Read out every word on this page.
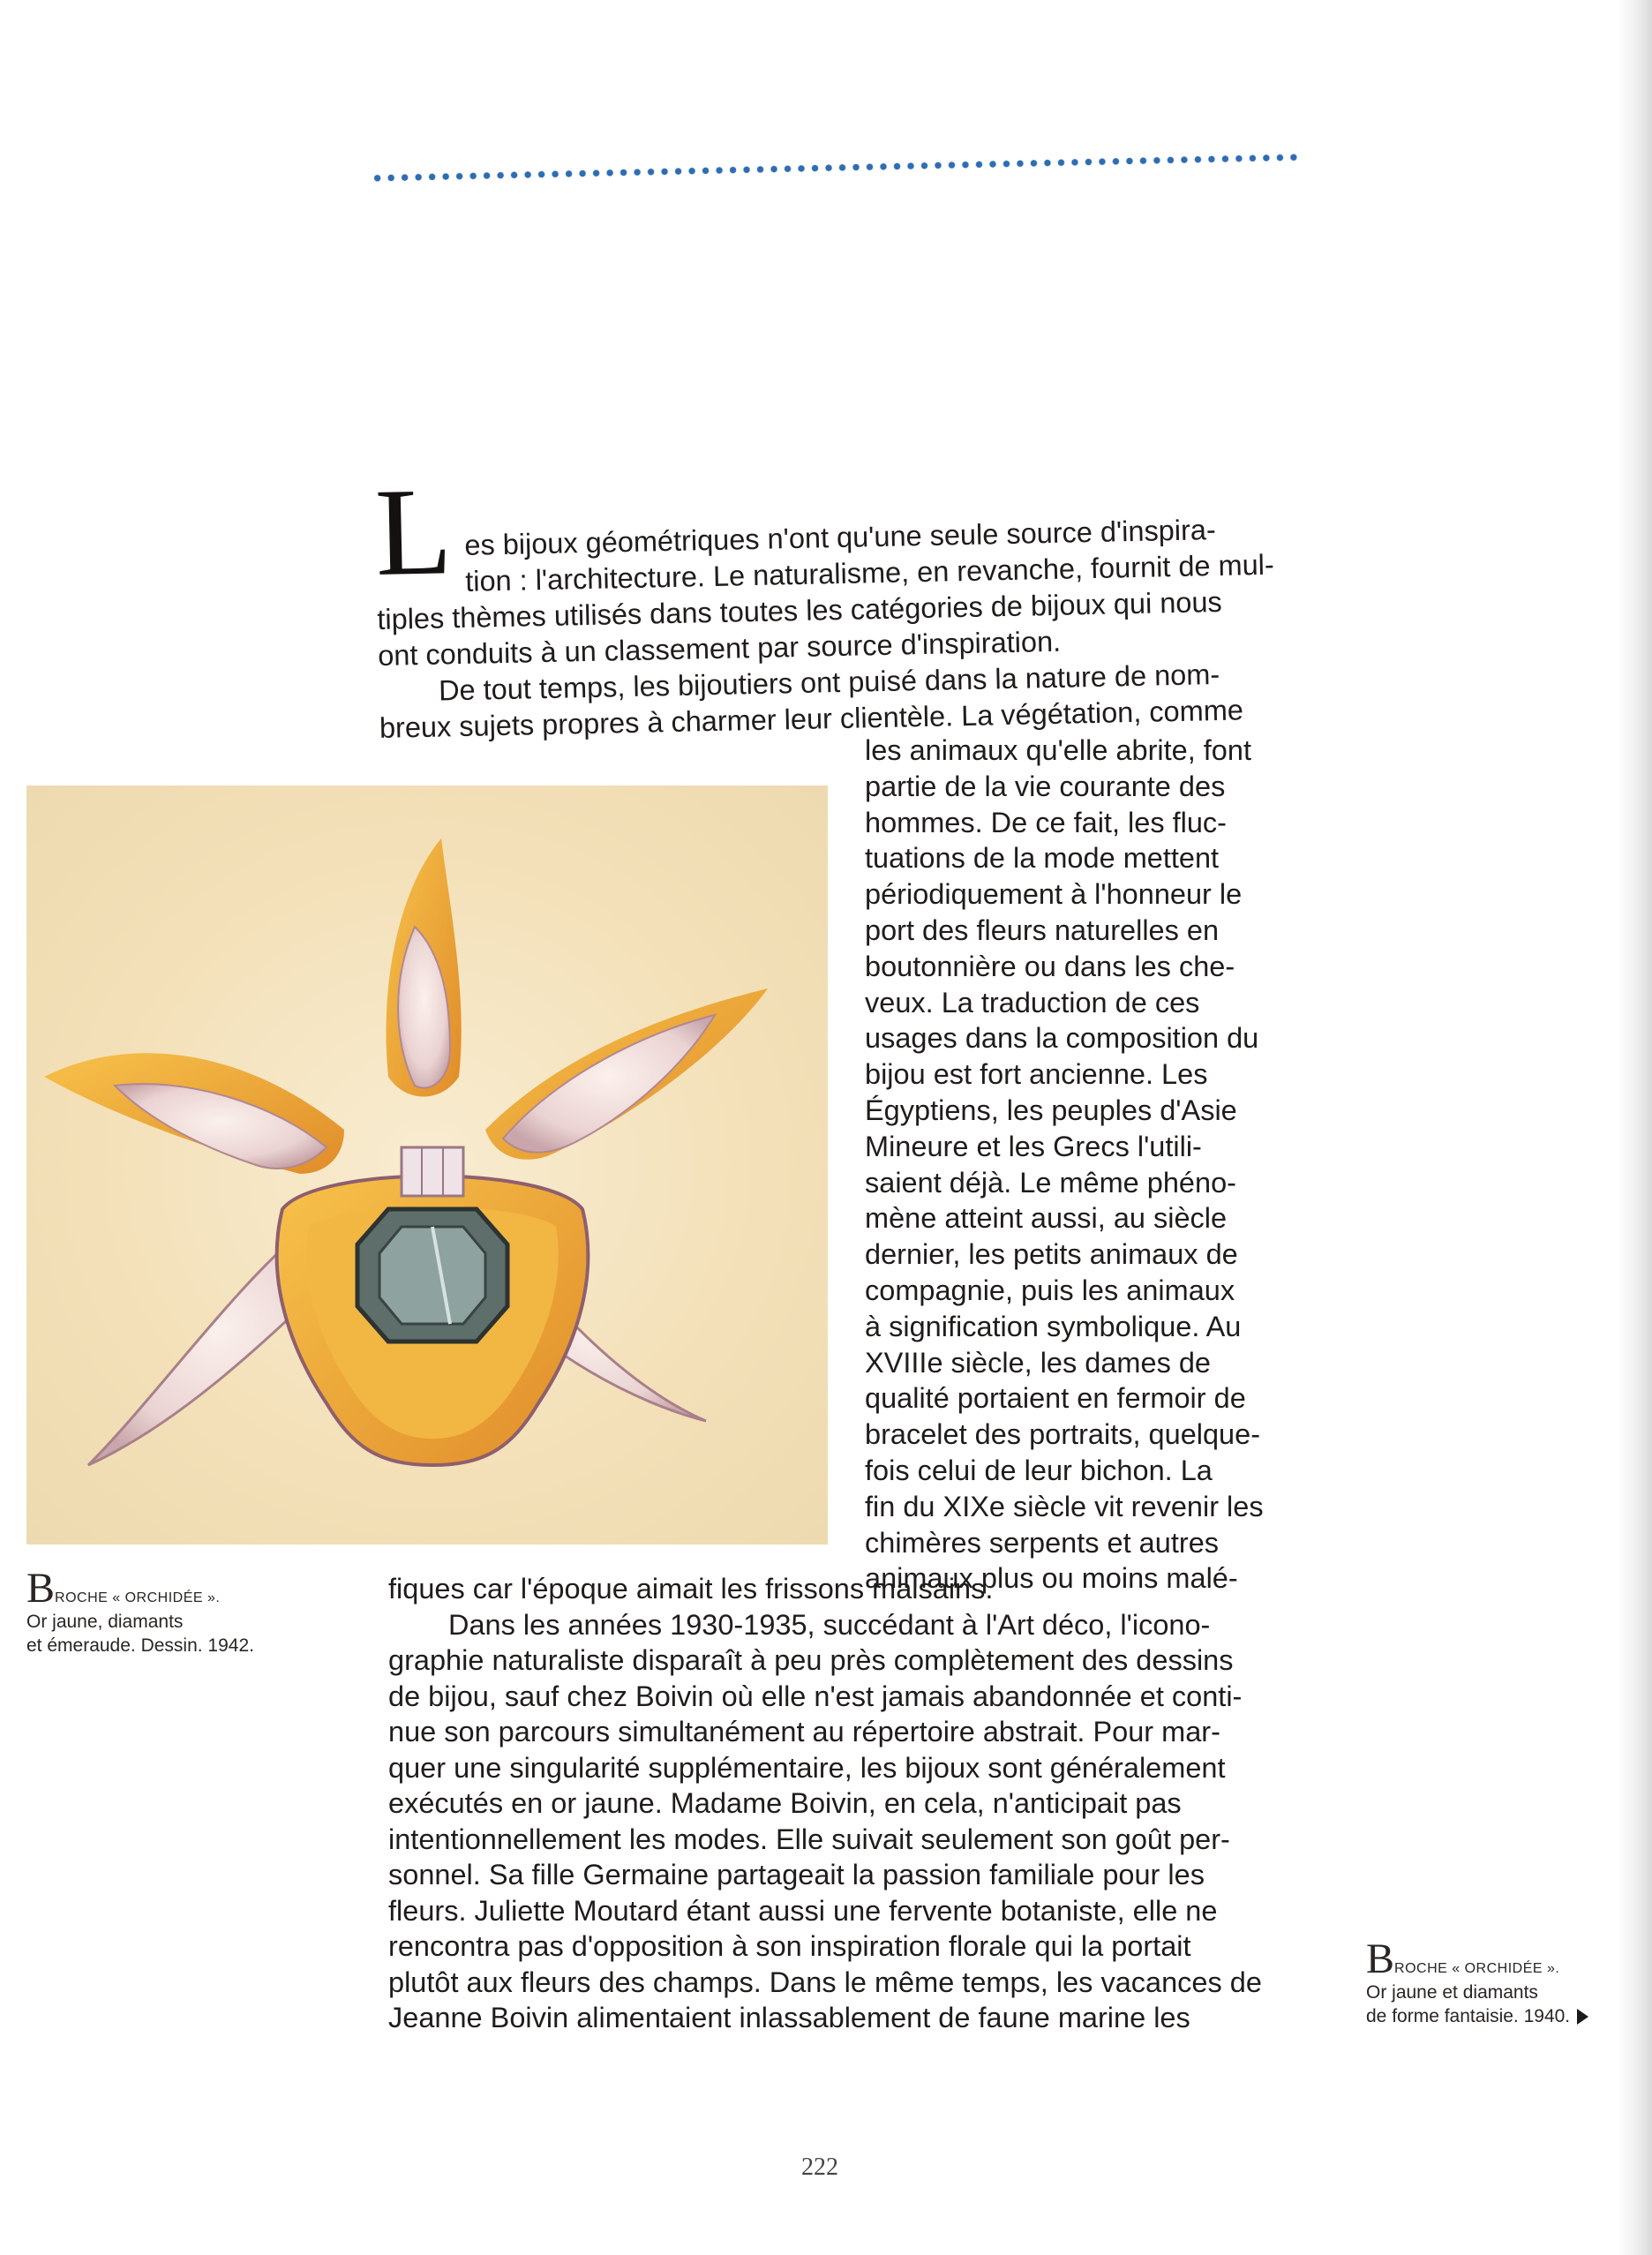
L es bijoux géométriques n'ont qu'une seule source d'inspira-

tion : l'architecture. Le naturalisme, en revanche, fournit de mul-

tiples thèmes utilisés dans toutes les catégories de bijoux qui nous

ont conduits à un classement par source d'inspiration.

De tout temps, les bijoutiers ont puisé dans la nature de nom-

breux sujets propres à charmer leur clientèle. La végétation, comme

les animaux qu'elle abrite, font

partie de la vie courante des

hommes. De ce fait, les fluc-

tuations de la mode mettent

périodiquement à l'honneur le

port des fleurs naturelles en

boutonnière ou dans les che-

veux. La traduction de ces

usages dans la composition du

bijou est fort ancienne. Les

Égyptiens, les peuples d'Asie

Mineure et les Grecs l'utili-

saient déjà. Le même phéno-

mène atteint aussi, au siècle

dernier, les petits animaux de

compagnie, puis les animaux

à signification symbolique. Au

XVIIIe siècle, les dames de

qualité portaient en fermoir de

bracelet des portraits, quelque-

fois celui de leur bichon. La

fin du XIXe siècle vit revenir les

chimères serpents et autres

animaux plus ou moins malé-

BROCHE « ORCHIDÉE ».
Or jaune, diamants
et émeraude. Dessin. 1942.

fiques car l'époque aimait les frissons malsains.

Dans les années 1930-1935, succédant à l'Art déco, l'icono-

graphie naturaliste disparaît à peu près complètement des dessins

de bijou, sauf chez Boivin où elle n'est jamais abandonnée et conti-

nue son parcours simultanément au répertoire abstrait. Pour mar-

quer une singularité supplémentaire, les bijoux sont généralement

exécutés en or jaune. Madame Boivin, en cela, n'anticipait pas

intentionnellement les modes. Elle suivait seulement son goût per-

sonnel. Sa fille Germaine partageait la passion familiale pour les

fleurs. Juliette Moutard étant aussi une fervente botaniste, elle ne

rencontra pas d'opposition à son inspiration florale qui la portait

plutôt aux fleurs des champs. Dans le même temps, les vacances de

Jeanne Boivin alimentaient inlassablement de faune marine les

BROCHE « ORCHIDÉE ».
Or jaune et diamants
de forme fantaisie. 1940.
222
